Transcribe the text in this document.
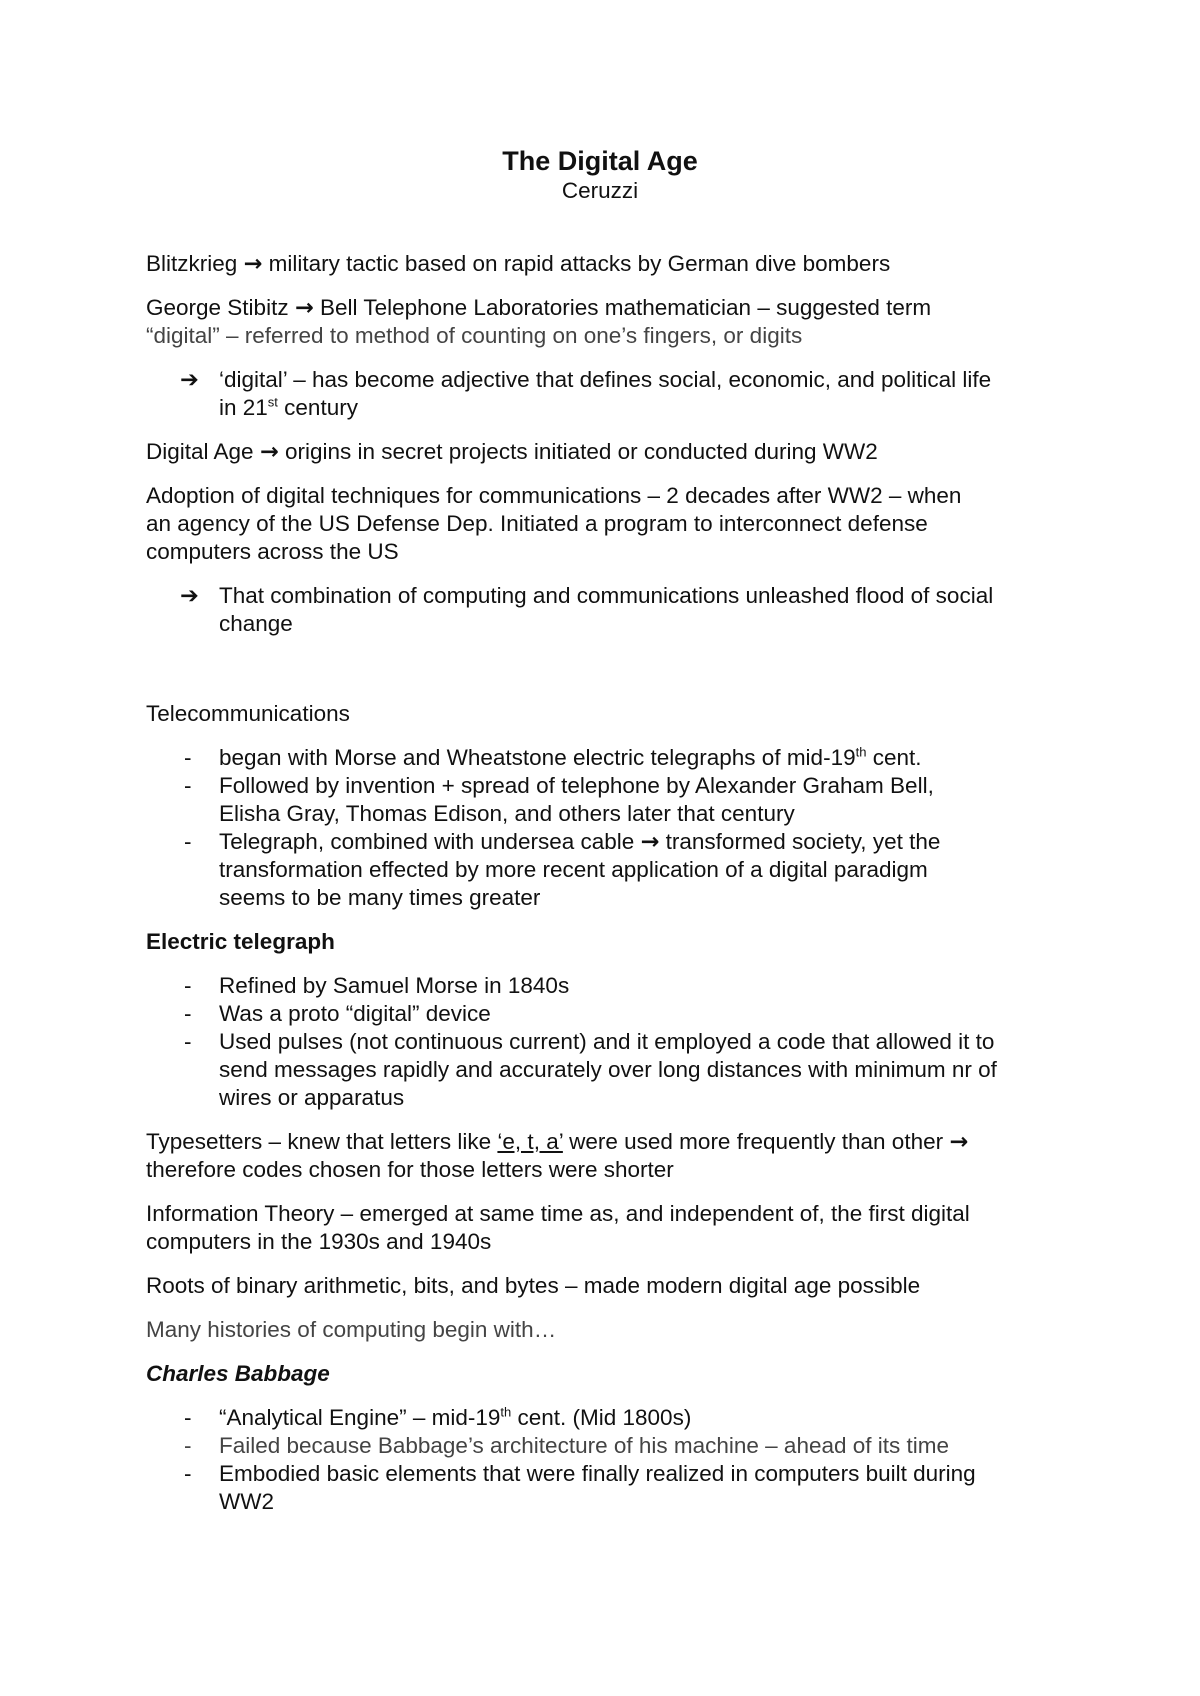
The Digital Age
Ceruzzi

Blitzkrieg → military tactic based on rapid attacks by German dive bombers

George Stibitz → Bell Telephone Laboratories mathematician – suggested term
“digital” – referred to method of counting on one’s fingers, or digits

➔ ‘digital’ – has become adjective that defines social, economic, and political life
in 21st century

Digital Age → origins in secret projects initiated or conducted during WW2

Adoption of digital techniques for communications – 2 decades after WW2 – when
an agency of the US Defense Dep. Initiated a program to interconnect defense
computers across the US

➔ That combination of computing and communications unleashed flood of social
change

Telecommunications

- began with Morse and Wheatstone electric telegraphs of mid-19th cent.
- Followed by invention + spread of telephone by Alexander Graham Bell,
Elisha Gray, Thomas Edison, and others later that century
- Telegraph, combined with undersea cable → transformed society, yet the
transformation effected by more recent application of a digital paradigm
seems to be many times greater

Electric telegraph

- Refined by Samuel Morse in 1840s
- Was a proto “digital” device
- Used pulses (not continuous current) and it employed a code that allowed it to
send messages rapidly and accurately over long distances with minimum nr of
wires or apparatus

Typesetters – knew that letters like ‘e, t, a’ were used more frequently than other →
therefore codes chosen for those letters were shorter

Information Theory – emerged at same time as, and independent of, the first digital
computers in the 1930s and 1940s

Roots of binary arithmetic, bits, and bytes – made modern digital age possible

Many histories of computing begin with…

Charles Babbage

- “Analytical Engine” – mid-19th cent. (Mid 1800s)
- Failed because Babbage’s architecture of his machine – ahead of its time
- Embodied basic elements that were finally realized in computers built during
WW2
